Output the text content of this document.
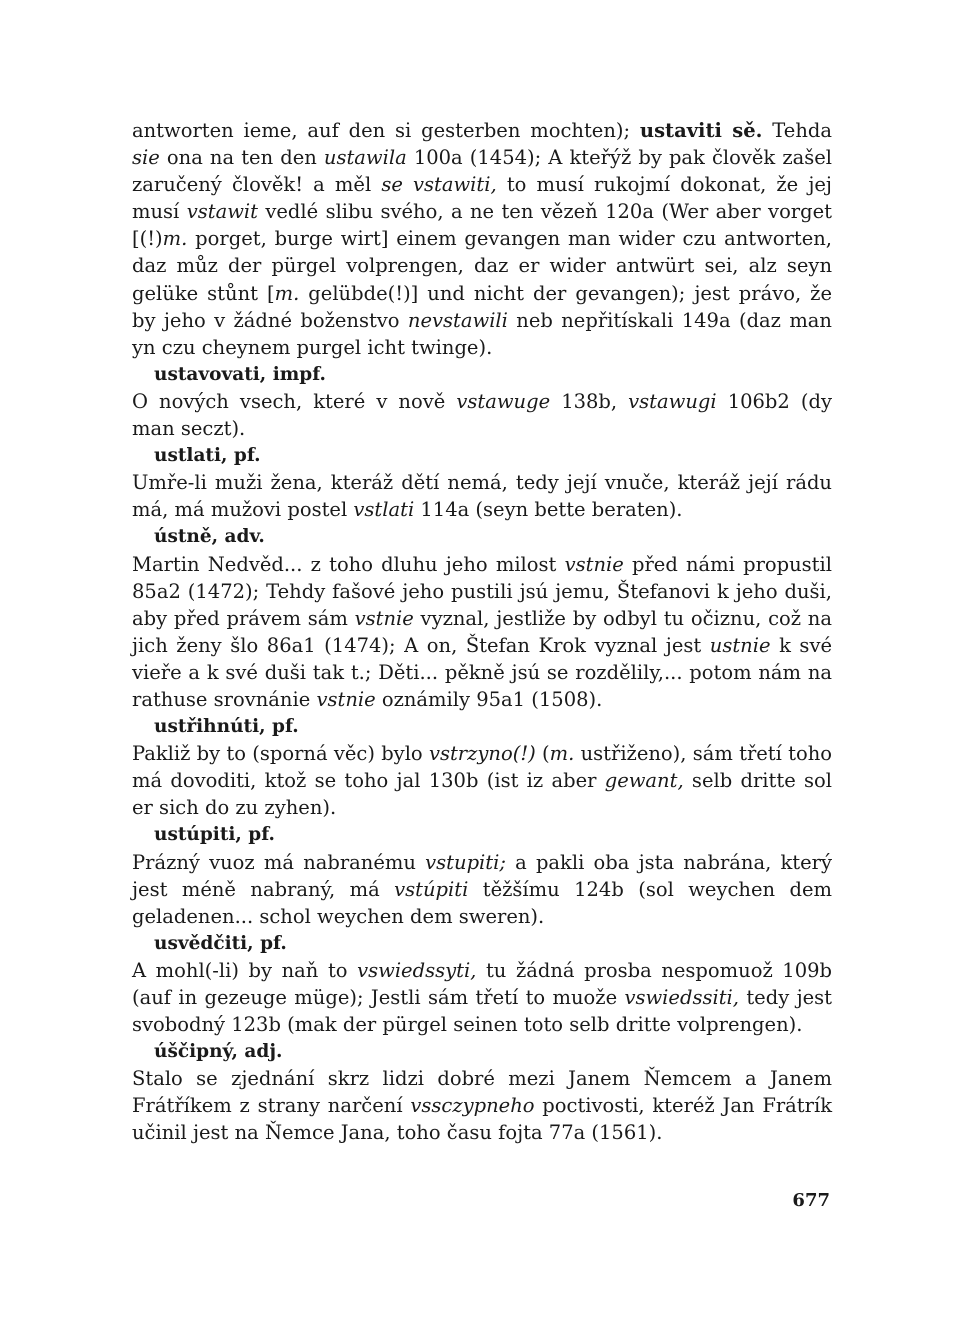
antworten ieme, auf den si gesterben mochten); ustaviti sě. Tehda sie ona na ten den ustawila 100a (1454); A kteřýž by pak člověk zašel zaručený člověk! a měl se vstawiti, to musí rukojmí dokonat, že jej musí vstawit vedlé slibu svého, a ne ten vězeň 120a (Wer aber vorget [(!)m. porget, burge wirt] einem gevangen man wider czu antworten, daz můz der pürgel volprengen, daz er wider antwürt sei, alz seyn gelüke stůnt [m. gelübde(!)] und nicht der gevangen); jest právo, že by jeho v žádné boženstvo nevstawili neb nepřitískali 149a (daz man yn czu cheynem purgel icht twinge).

ustavovati, impf.

O nových vsech, které v nově vstawuge 138b, vstawugi 106b2 (dy man seczt).

ustlati, pf.

Umře-li muži žena, kteráž dětí nemá, tedy její vnuče, kteráž její rádu má, má mužovi postel vstlati 114a (seyn bette beraten).

ústně, adv.

Martin Nedvěd... z toho dluhu jeho milost vstnie před námi propustil 85a2 (1472); Tehdy fašové jeho pustili jsú jemu, Štefanovi k jeho duši, aby před právem sám vstnie vyznal, jestliže by odbyl tu očiznu, což na jich ženy šlo 86a1 (1474); A on, Štefan Krok vyznal jest ustnie k své vieře a k své duši tak t.; Děti... pěkně jsú se rozdělily,... potom nám na rathuse srovnánie vstnie oznámily 95a1 (1508).

ustřihnúti, pf.

Pakliž by to (sporná věc) bylo vstrzyno(!) (m. ustřiženo), sám třetí toho má dovoditi, ktož se toho jal 130b (ist iz aber gewant, selb dritte sol er sich do zu zyhen).

ustúpiti, pf.

Prázný vuoz má nabranému vstupiti; a pakli oba jsta nabrána, který jest méně nabraný, má vstúpiti těžšímu 124b (sol weychen dem geladenen... schol weychen dem sweren).

usvědčiti, pf.

A mohl(-li) by naň to vswiedssyti, tu žádná prosba nespomuož 109b (auf in gezeuge müge); Jestli sám třetí to muože vswiedssiti, tedy jest svobodný 123b (mak der pürgel seinen toto selb dritte volprengen).

úščipný, adj.

Stalo se zjednání skrz lidzi dobré mezi Janem Ňemcem a Janem Frátříkem z strany narčení vssczypneho poctivosti, kteréž Jan Frátrík učinil jest na Ňemce Jana, toho času fojta 77a (1561).

677
